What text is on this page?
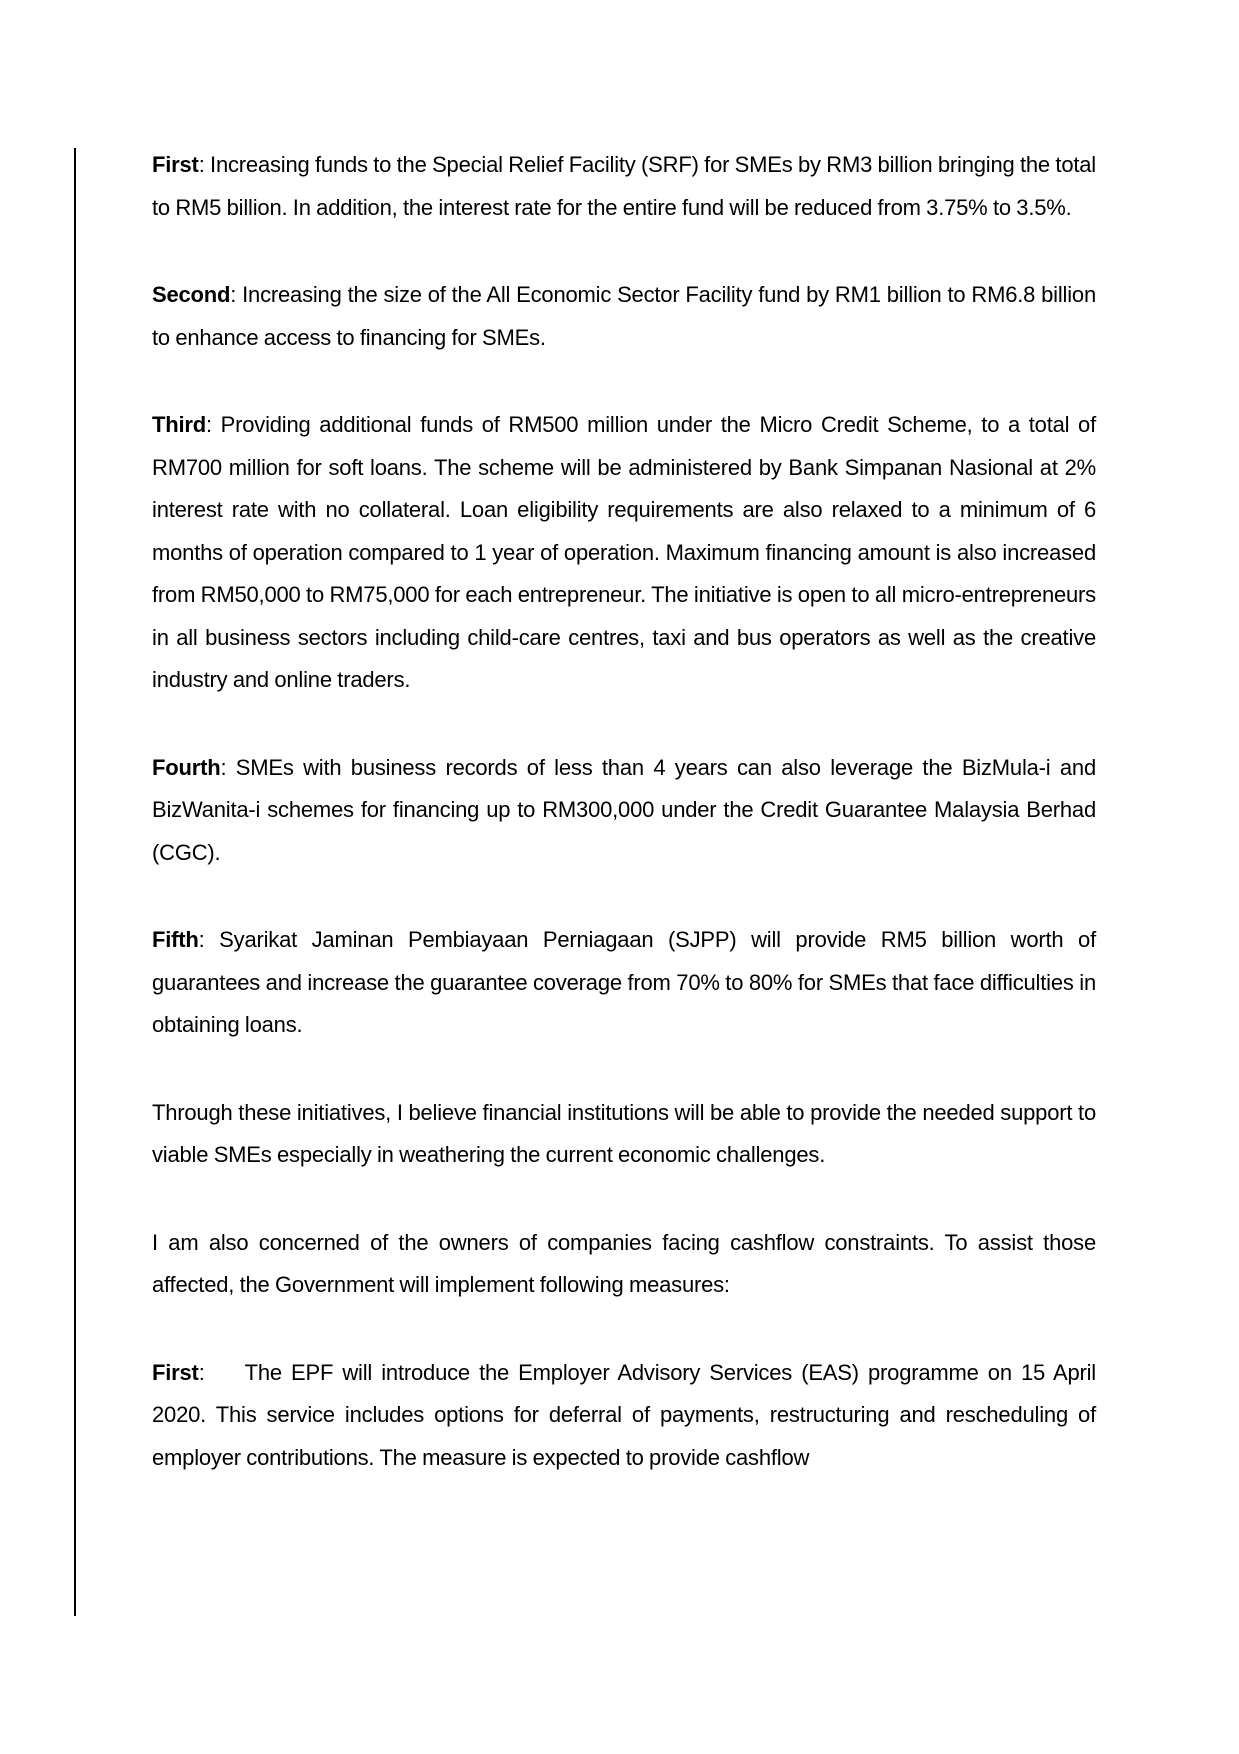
First: Increasing funds to the Special Relief Facility (SRF) for SMEs by RM3 billion bringing the total to RM5 billion. In addition, the interest rate for the entire fund will be reduced from 3.75% to 3.5%.

Second: Increasing the size of the All Economic Sector Facility fund by RM1 billion to RM6.8 billion to enhance access to financing for SMEs.

Third: Providing additional funds of RM500 million under the Micro Credit Scheme, to a total of RM700 million for soft loans. The scheme will be administered by Bank Simpanan Nasional at 2% interest rate with no collateral. Loan eligibility requirements are also relaxed to a minimum of 6 months of operation compared to 1 year of operation. Maximum financing amount is also increased from RM50,000 to RM75,000 for each entrepreneur. The initiative is open to all micro-entrepreneurs in all business sectors including child-care centres, taxi and bus operators as well as the creative industry and online traders.

Fourth: SMEs with business records of less than 4 years can also leverage the BizMula-i and BizWanita-i schemes for financing up to RM300,000 under the Credit Guarantee Malaysia Berhad (CGC).

Fifth: Syarikat Jaminan Pembiayaan Perniagaan (SJPP) will provide RM5 billion worth of guarantees and increase the guarantee coverage from 70% to 80% for SMEs that face difficulties in obtaining loans.

Through these initiatives, I believe financial institutions will be able to provide the needed support to viable SMEs especially in weathering the current economic challenges.

I am also concerned of the owners of companies facing cashflow constraints. To assist those affected, the Government will implement following measures:

First: The EPF will introduce the Employer Advisory Services (EAS) programme on 15 April 2020. This service includes options for deferral of payments, restructuring and rescheduling of employer contributions. The measure is expected to provide cashflow
